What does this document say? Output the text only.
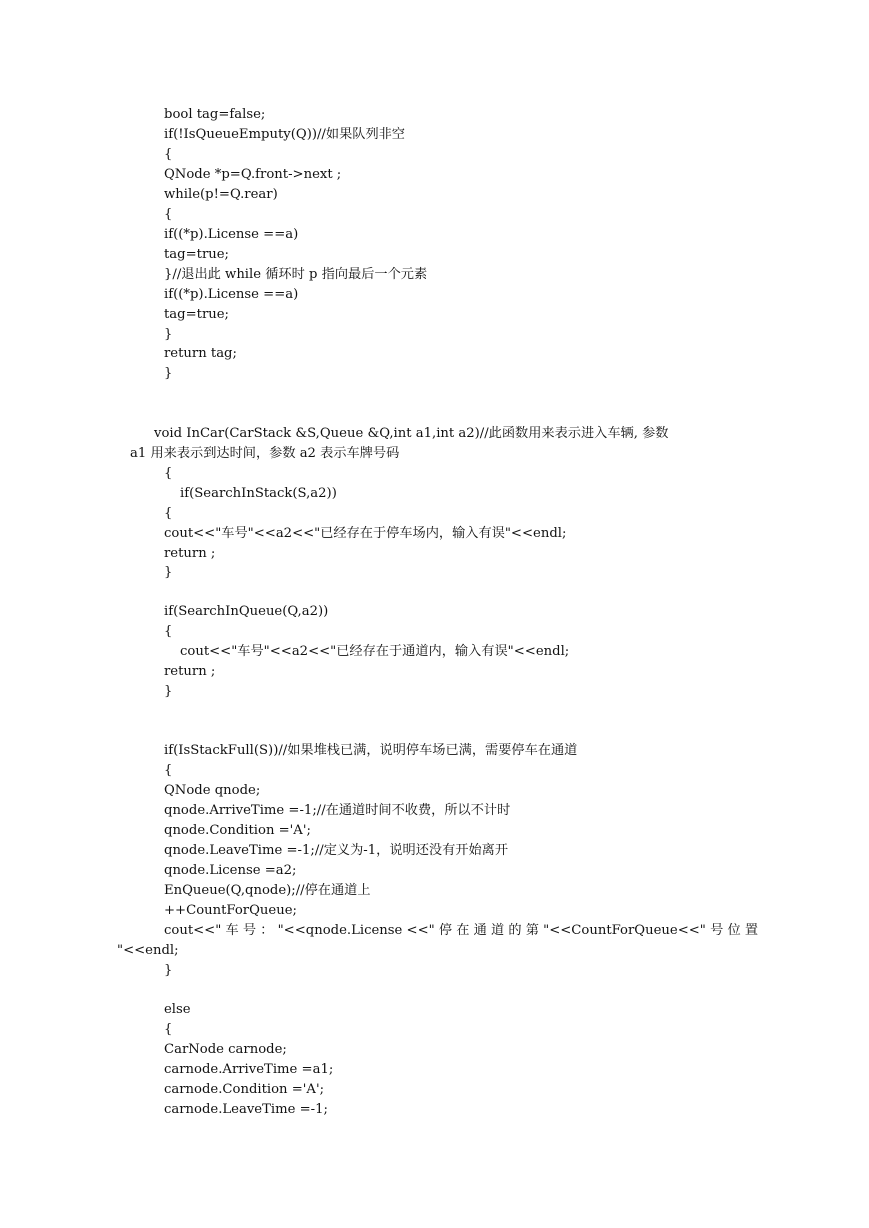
bool tag=false;
if(!IsQueueEmputy(Q))//如果队列非空
{
QNode *p=Q.front->next ;
while(p!=Q.rear)
{
if((*p).License ==a)
tag=true;
}//退出此 while 循环时 p 指向最后一个元素
if((*p).License ==a)
tag=true;
}
return tag;
}
void InCar(CarStack &S,Queue &Q,int a1,int a2)//此函数用来表示进入车辆, 参数
a1 用来表示到达时间，参数 a2 表示车牌号码
{
if(SearchInStack(S,a2))
{
cout<<"车号"<<a2<<"已经存在于停车场内，输入有误"<<endl;
return ;
}
if(SearchInQueue(Q,a2))
{
cout<<"车号"<<a2<<"已经存在于通道内，输入有误"<<endl;
return ;
}
if(IsStackFull(S))//如果堆栈已满，说明停车场已满，需要停车在通道
{
QNode qnode;
qnode.ArriveTime =-1;//在通道时间不收费，所以不计时
qnode.Condition ='A';
qnode.LeaveTime =-1;//定义为-1，说明还没有开始离开
qnode.License =a2;
EnQueue(Q,qnode);//停在通道上
++CountForQueue;
cout<<" 车 号 ： "<<qnode.License <<" 停 在 通 道 的 第 "<<CountForQueue<<" 号 位 置
"<<endl;
}
else
{
CarNode carnode;
carnode.ArriveTime =a1;
carnode.Condition ='A';
carnode.LeaveTime =-1;
